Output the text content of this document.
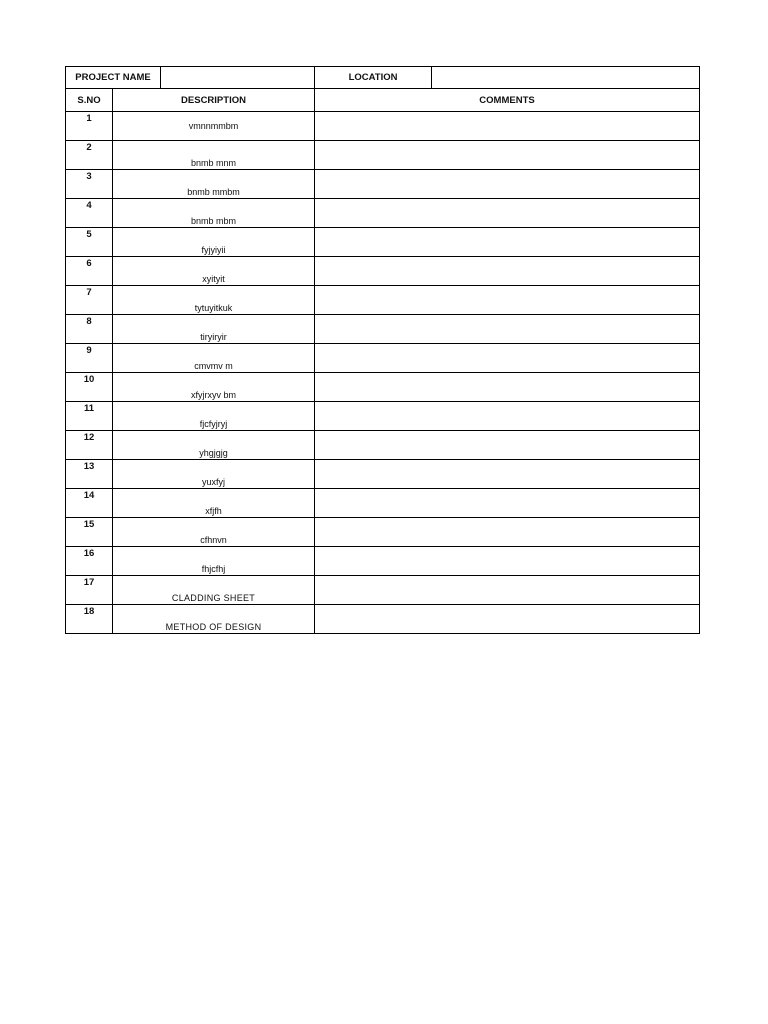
PROJECT NAME			LOCATION	
S.NO	DESCRIPTION		COMMENTS	
1	vmnnmmbm			
2	bnmb mnm			
3	bnmb mmbm			
4	bnmb mbm			
5	fyjyiyii			
6	xyityit			
7	tytuyitkuk			
8	tiryiryir			
9	cmvmv m			
10	xfyjrxyv bm			
11	fjcfyjryj			
12	yhgjgjg			
13	yuxfyj			
14	xfjfh			
15	cfhnvn			
16	fhjcfhj			
17	CLADDING SHEET			
18	METHOD OF DESIGN			
